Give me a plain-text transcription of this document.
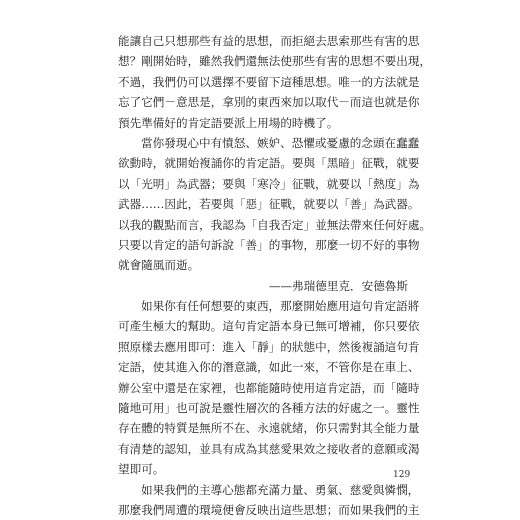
能讓自己只想那些有益的思想，而拒絕去思索那些有害的思
想？剛開始時，雖然我們還無法使那些有害的思想不要出現，
不過，我們仍可以選擇不要留下這種思想。唯一的方法就是
忘了它們－意思是，拿別的東西來加以取代－而這也就是你
預先準備好的肯定語要派上用場的時機了。
當你發現心中有憤怒、嫉妒、恐懼或憂慮的念頭在蠢蠢
欲動時，就開始複誦你的肯定語。要與「黑暗」征戰，就要
以「光明」為武器；要與「寒冷」征戰，就要以「熱度」為
武器……因此，若要與「惡」征戰，就要以「善」為武器。
以我的觀點而言，我認為「自我否定」並無法帶來任何好處。
只要以肯定的語句訴說「善」的事物，那麼一切不好的事物
就會隨風而逝。
——弗瑞德里克．安德魯斯
如果你有任何想要的東西，那麼開始應用這句肯定語將
可產生極大的幫助。這句肯定語本身已無可增補，你只要依
照原樣去應用即可：進入「靜」的狀態中，然後複誦這句肯
定語，使其進入你的潛意識，如此一來，不管你是在車上、
辦公室中還是在家裡，也都能隨時使用這肯定語，而「隨時
隨地可用」也可說是靈性層次的各種方法的好處之一。靈性
存在體的特質是無所不在、永遠就緒，你只需對其全能力量
有清楚的認知，並具有成為其慈愛果效之接收者的意願或渴
望即可。
如果我們的主導心態都充滿力量、勇氣、慈愛與憐憫，
那麼我們周遭的環境便會反映出這些思想；而如果我們的主
129
